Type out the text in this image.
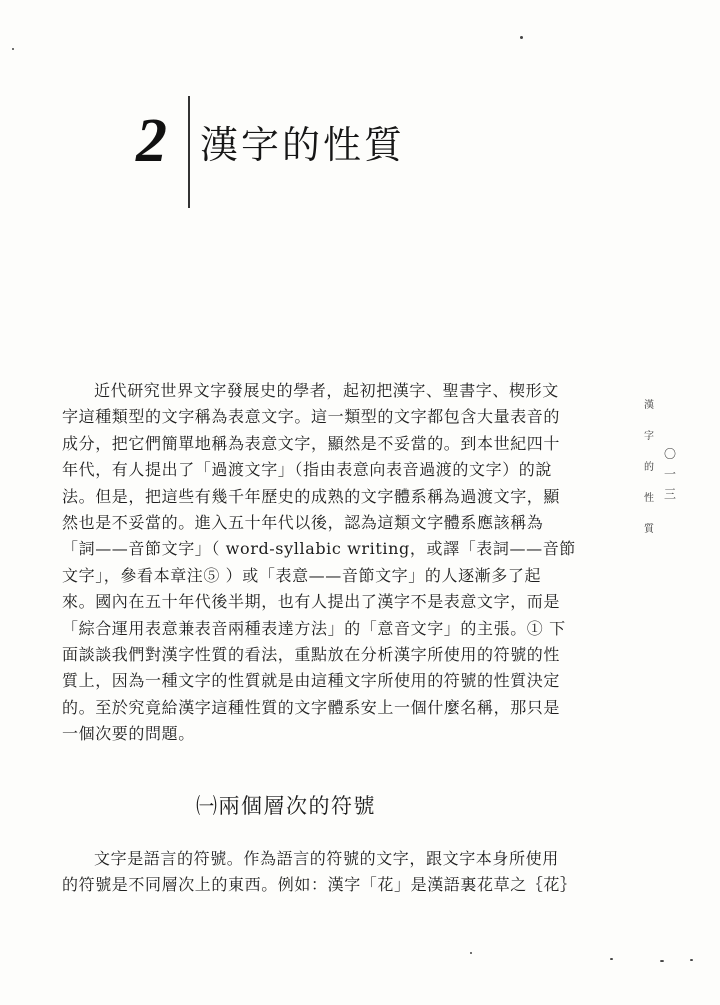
2 漢字的性質
近代研究世界文字發展史的學者，起初把漢字、聖書字、楔形文
字這種類型的文字稱為表意文字。這一類型的文字都包含大量表音的
成分，把它們簡單地稱為表意文字，顯然是不妥當的。到本世紀四十
年代，有人提出了「過渡文字」（指由表意向表音過渡的文字）的說
法。但是，把這些有幾千年歷史的成熟的文字體系稱為過渡文字，顯
然也是不妥當的。進入五十年代以後，認為這類文字體系應該稱為
「詞——音節文字」（ word-syllabic writing，或譯「表詞——音節
文字」，參看本章注⑤ ）或「表意——音節文字」的人逐漸多了起
來。國內在五十年代後半期，也有人提出了漢字不是表意文字，而是
「綜合運用表意兼表音兩種表達方法」的「意音文字」的主張。① 下
面談談我們對漢字性質的看法，重點放在分析漢字所使用的符號的性
質上，因為一種文字的性質就是由這種文字所使用的符號的性質決定
的。至於究竟給漢字這種性質的文字體系安上一個什麼名稱，那只是
一個次要的問題。
㈠兩個層次的符號
文字是語言的符號。作為語言的符號的文字，跟文字本身所使用
的符號是不同層次上的東西。例如：漢字「花」是漢語裏花草之｛花｝
漢
字
的
性
質
〇
一
三
